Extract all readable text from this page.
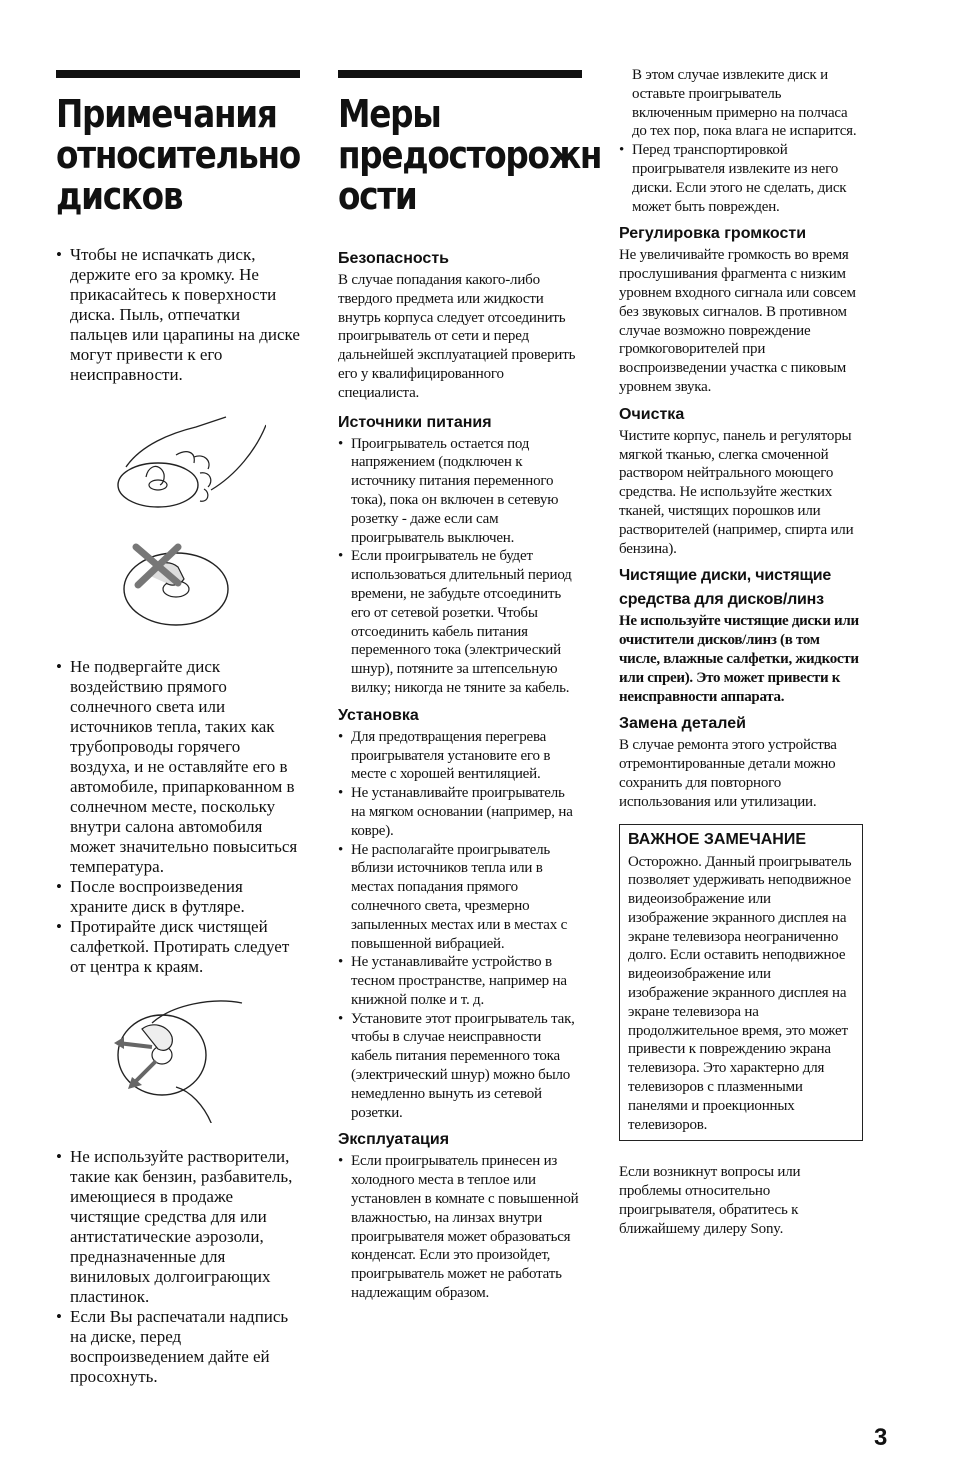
Примечания
относительно
дисков
• Чтобы не испачкать диск, держите его за кромку. Не прикасайтесь к поверхности диска. Пыль, отпечатки пальцев или царапины на диске могут привести к его неисправности.
• Не подвергайте диск воздействию прямого солнечного света или источников тепла, таких как трубопроводы горячего воздуха, и не оставляйте его в автомобиле, припаркованном в солнечном месте, поскольку внутри салона автомобиля может значительно повыситься температура.
• После воспроизведения храните диск в футляре.
• Протирайте диск чистящей салфеткой. Протирать следует от центра к краям.
• Не используйте растворители, такие как бензин, разбавитель, имеющиеся в продаже чистящие средства для или антистатические аэрозоли, предназначенные для виниловых долгоиграющих пластинок.
• Если Вы распечатали надпись на диске, перед воспроизведением дайте ей просохнуть.
Меры
предосторожн
ости
Безопасность

В случае попадания какого-либо твердого предмета или жидкости внутрь корпуса следует отсоединить проигрыватель от сети и перед дальнейшей эксплуатацией проверить его у квалифицированного специалиста.

Источники питания
• Проигрыватель остается под напряжением (подключен к источнику питания переменного тока), пока он включен в сетевую розетку - даже если сам проигрыватель выключен.
• Если проигрыватель не будет использоваться длительный период времени, не забудьте отсоединить его от сетевой розетки. Чтобы отсоединить кабель питания переменного тока (электрический шнур), потяните за штепсельную вилку; никогда не тяните за кабель.
Установка
• Для предотвращения перегрева проигрывателя установите его в месте с хорошей вентиляцией.
• Не устанавливайте проигрыватель на мягком основании (например, на ковре).
• Не располагайте проигрыватель вблизи источников тепла или в местах попадания прямого солнечного света, чрезмерно запыленных местах или в местах с повышенной вибрацией.
• Не устанавливайте устройство в тесном пространстве, например на книжной полке и т. д.
• Установите этот проигрыватель так, чтобы в случае неисправности кабель питания переменного тока (электрический шнур) можно было немедленно вынуть из сетевой розетки.
Эксплуатация
• Если проигрыватель принесен из холодного места в теплое или установлен в комнате с повышенной влажностью, на линзах внутри проигрывателя может образоваться конденсат. Если это произойдет, проигрыватель может не работать надлежащим образом.

В этом случае извлеките диск и оставьте проигрыватель включенным примерно на полчаса до тех пор, пока влага не испарится.

• Перед транспортировкой проигрывателя извлеките из него диски. Если этого не сделать, диск может быть поврежден.
Регулировка громкости

Не увеличивайте громкость во время прослушивания фрагмента с низким уровнем входного сигнала или совсем без звуковых сигналов. В противном случае возможно повреждение громкоговорителей при воспроизведении участка с пиковым уровнем звука.

Очистка

Чистите корпус, панель и регуляторы мягкой тканью, слегка смоченной раствором нейтрального моющего средства. Не используйте жестких тканей, чистящих порошков или растворителей (например, спирта или бензина).

Чистящие диски, чистящие средства для дисков/линз

Не используйте чистящие диски или очистители дисков/линз (в том числе, влажные салфетки, жидкости или спреи). Это может привести к неисправности аппарата.

Замена деталей

В случае ремонта этого устройства отремонтированные детали можно сохранить для повторного использования или утилизации.

ВАЖНОЕ ЗАМЕЧАНИЕ

Осторожно. Данный проигрыватель позволяет удерживать неподвижное видеоизображение или изображение экранного дисплея на экране телевизора неограниченно долго. Если оставить неподвижное видеоизображение или изображение экранного дисплея на экране телевизора на продолжительное время, это может привести к повреждению экрана телевизора. Это характерно для телевизоров с плазменными панелями и проекционных телевизоров.

Если возникнут вопросы или проблемы относительно проигрывателя, обратитесь к ближайшему дилеру Sony.

3
